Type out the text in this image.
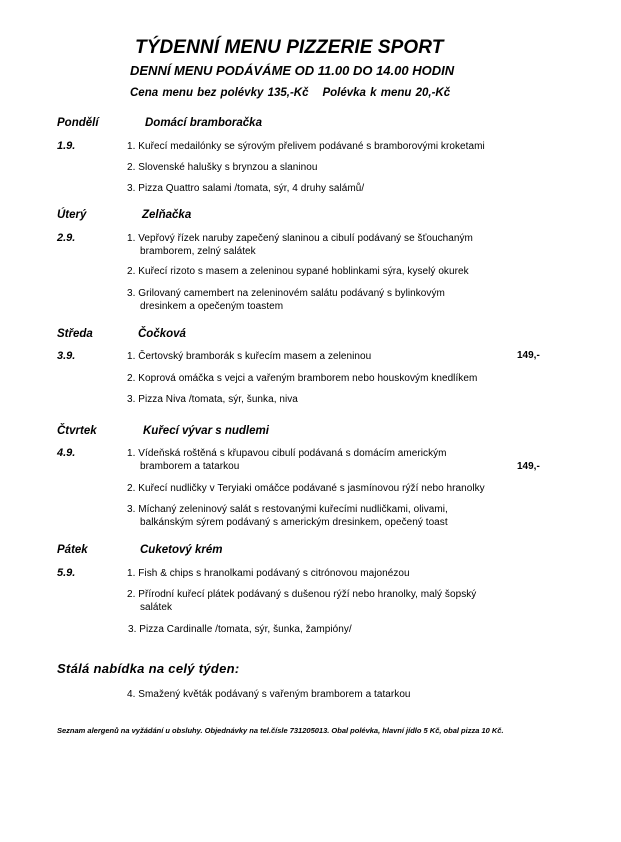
TÝDENNÍ MENU PIZZERIE SPORT
DENNÍ MENU PODÁVÁME OD 11.00 DO 14.00 HODIN
Cena menu bez polévky 135,-Kč Polévka k menu 20,-Kč
Pondělí	Domácí bramboračka
1.9.	1. Kuřecí medailónky se sýrovým přelivem podávané s bramborovými kroketami
2. Slovenské halušky s brynzou a slaninou
3. Pizza Quattro salami /tomata, sýr, 4 druhy salámů/
Úterý	Zelňačka
2.9.	1. Vepřový řízek naruby zapečený slaninou a cibulí podávaný se šťouchaným
bramborem, zelný salátek
2. Kuřecí rizoto s masem a zeleninou sypané hoblinkami sýra, kyselý okurek
3. Grilovaný camembert na zeleninovém salátu podávaný s bylinkovým
dresinkem a opečeným toastem
Středa	Čočková
3.9.	1. Čertovský bramborák s kuřecím masem a zeleninou	149,-
2. Koprová omáčka s vejci a vařeným bramborem nebo houskovým knedlíkem
3. Pizza Niva /tomata, sýr, šunka, niva
Čtvrtek	Kuřecí vývar s nudlemi
4.9.	1. Vídeňská roštěná s křupavou cibulí podávaná s domácím americkým
bramborem a tatarkou	149,-
2. Kuřecí nudličky v Teryiaki omáčce podávané s jasmínovou rýží nebo hranolky
3. Míchaný zeleninový salát s restovanými kuřecími nudličkami, olivami,
balkánským sýrem podávaný s americkým dresinkem, opečený toast
Pátek	Cuketový krém
5.9.	1. Fish & chips s hranolkami podávaný s citrónovou majonézou
2. Přírodní kuřecí plátek podávaný s dušenou rýží nebo hranolky, malý šopský
salátek
3. Pizza Cardinalle /tomata, sýr, šunka, žampióny/
Stálá nabídka na celý týden:
4. Smažený květák podávaný s vařeným bramborem a tatarkou
Seznam alergenů na vyžádání u obsluhy. Objednávky na tel.čísle 731205013. Obal polévka, hlavní jídlo 5 Kč, obal pizza 10 Kč.
